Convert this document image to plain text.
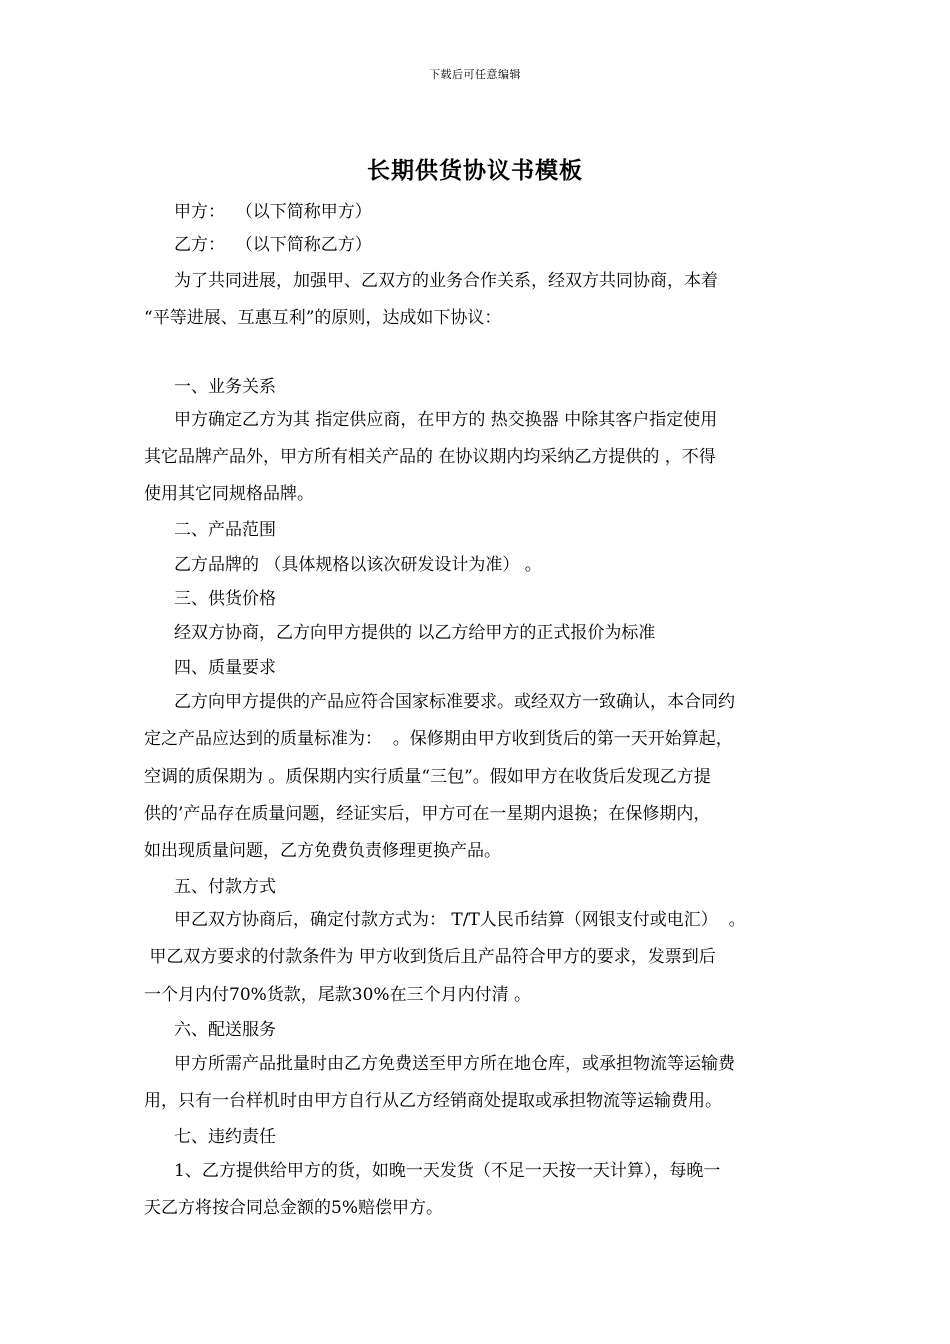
下载后可任意编辑
长期供货协议书模板
甲方：  （以下简称甲方）
乙方：  （以下简称乙方）
为了共同进展，加强甲、乙双方的业务合作关系，经双方共同协商，本着
“平等进展、互惠互利”的原则，达成如下协议：
一、业务关系
甲方确定乙方为其 指定供应商，在甲方的 热交换器 中除其客户指定使用
其它品牌产品外，甲方所有相关产品的 在协议期内均采纳乙方提供的 ，不得
使用其它同规格品牌。
二、产品范围
乙方品牌的 （具体规格以该次研发设计为准） 。
三、供货价格
经双方协商，乙方向甲方提供的 以乙方给甲方的正式报价为标准
四、质量要求
乙方向甲方提供的产品应符合国家标准要求。或经双方一致确认，本合同约
定之产品应达到的质量标准为：  。保修期由甲方收到货后的第一天开始算起，
空调的质保期为 。质保期内实行质量“三包”。假如甲方在收货后发现乙方提
供的’产品存在质量问题，经证实后，甲方可在一星期内退换；在保修期内，
如出现质量问题，乙方免费负责修理更换产品。
五、付款方式
甲乙双方协商后，确定付款方式为： T/T人民币结算（网银支付或电汇）  。
甲乙双方要求的付款条件为 甲方收到货后且产品符合甲方的要求，发票到后
一个月内付70%货款，尾款30%在三个月内付清 。
六、配送服务
甲方所需产品批量时由乙方免费送至甲方所在地仓库，或承担物流等运输费
用，只有一台样机时由甲方自行从乙方经销商处提取或承担物流等运输费用。
七、违约责任
1、乙方提供给甲方的货，如晚一天发货（不足一天按一天计算），每晚一
天乙方将按合同总金额的5%赔偿甲方。
